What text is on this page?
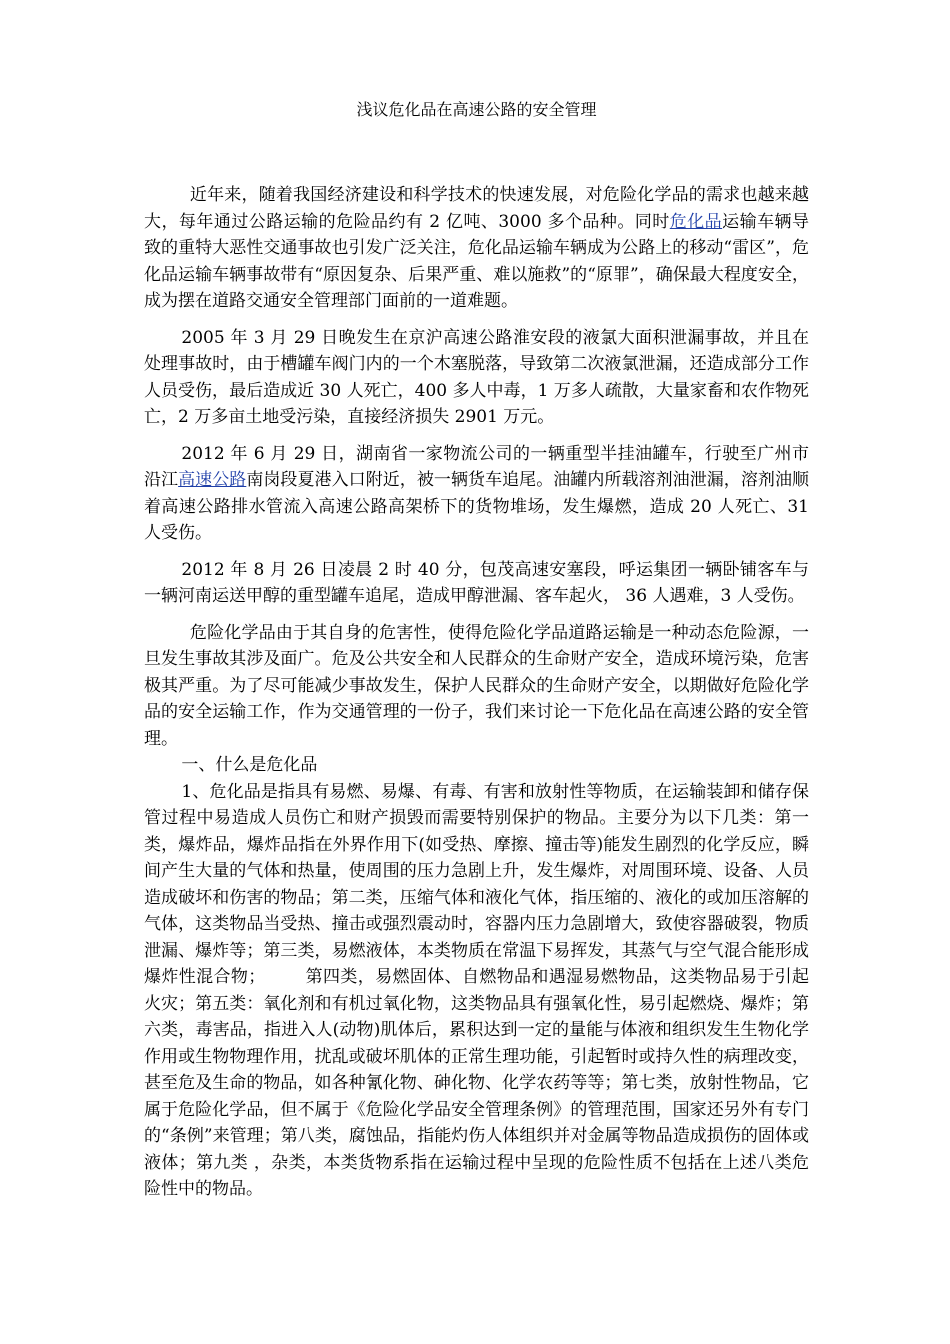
浅议危化品在高速公路的安全管理

近年来，随着我国经济建设和科学技术的快速发展，对危险化学品的需求也越来越大，每年通过公路运输的危险品约有 2 亿吨、3000 多个品种。同时危化品运输车辆导致的重特大恶性交通事故也引发广泛关注，危化品运输车辆成为公路上的移动“雷区”，危化品运输车辆事故带有“原因复杂、后果严重、难以施救”的“原罪”，确保最大程度安全，成为摆在道路交通安全管理部门面前的一道难题。

2005 年 3 月 29 日晚发生在京沪高速公路淮安段的液氯大面积泄漏事故，并且在处理事故时，由于槽罐车阀门内的一个木塞脱落，导致第二次液氯泄漏，还造成部分工作人员受伤，最后造成近 30 人死亡，400 多人中毒，1 万多人疏散，大量家畜和农作物死亡，2 万多亩土地受污染，直接经济损失 2901 万元。

2012 年 6 月 29 日，湖南省一家物流公司的一辆重型半挂油罐车，行驶至广州市沿江高速公路南岗段夏港入口附近，被一辆货车追尾。油罐内所载溶剂油泄漏，溶剂油顺着高速公路排水管流入高速公路高架桥下的货物堆场，发生爆燃，造成 20 人死亡、31 人受伤。

2012 年 8 月 26 日凌晨 2 时 40 分，包茂高速安塞段，呼运集团一辆卧铺客车与一辆河南运送甲醇的重型罐车追尾，造成甲醇泄漏、客车起火， 36 人遇难，3 人受伤。

危险化学品由于其自身的危害性，使得危险化学品道路运输是一种动态危险源，一旦发生事故其涉及面广。危及公共安全和人民群众的生命财产安全，造成环境污染，危害极其严重。为了尽可能减少事故发生，保护人民群众的生命财产安全，以期做好危险化学品的安全运输工作，作为交通管理的一份子，我们来讨论一下危化品在高速公路的安全管理。

一、什么是危化品

1、危化品是指具有易燃、易爆、有毒、有害和放射性等物质，在运输装卸和储存保管过程中易造成人员伤亡和财产损毁而需要特别保护的物品。主要分为以下几类：第一类，爆炸品，爆炸品指在外界作用下(如受热、摩擦、撞击等)能发生剧烈的化学反应，瞬间产生大量的气体和热量，使周围的压力急剧上升，发生爆炸，对周围环境、设备、人员造成破坏和伤害的物品；第二类，压缩气体和液化气体，指压缩的、液化的或加压溶解的气体，这类物品当受热、撞击或强烈震动时，容器内压力急剧增大，致使容器破裂，物质泄漏、爆炸等；第三类，易燃液体，本类物质在常温下易挥发，其蒸气与空气混合能形成爆炸性混合物； 第四类，易燃固体、自燃物品和遇湿易燃物品，这类物品易于引起火灾；第五类：氧化剂和有机过氧化物，这类物品具有强氧化性，易引起燃烧、爆炸；第六类，毒害品，指进入人(动物)肌体后，累积达到一定的量能与体液和组织发生生物化学作用或生物物理作用，扰乱或破坏肌体的正常生理功能，引起暂时或持久性的病理改变，甚至危及生命的物品，如各种氰化物、砷化物、化学农药等等；第七类，放射性物品，它属于危险化学品，但不属于《危险化学品安全管理条例》的管理范围，国家还另外有专门的“条例”来管理；第八类，腐蚀品，指能灼伤人体组织并对金属等物品造成损伤的固体或液体；第九类 ，杂类，本类货物系指在运输过程中呈现的危险性质不包括在上述八类危险性中的物品。
